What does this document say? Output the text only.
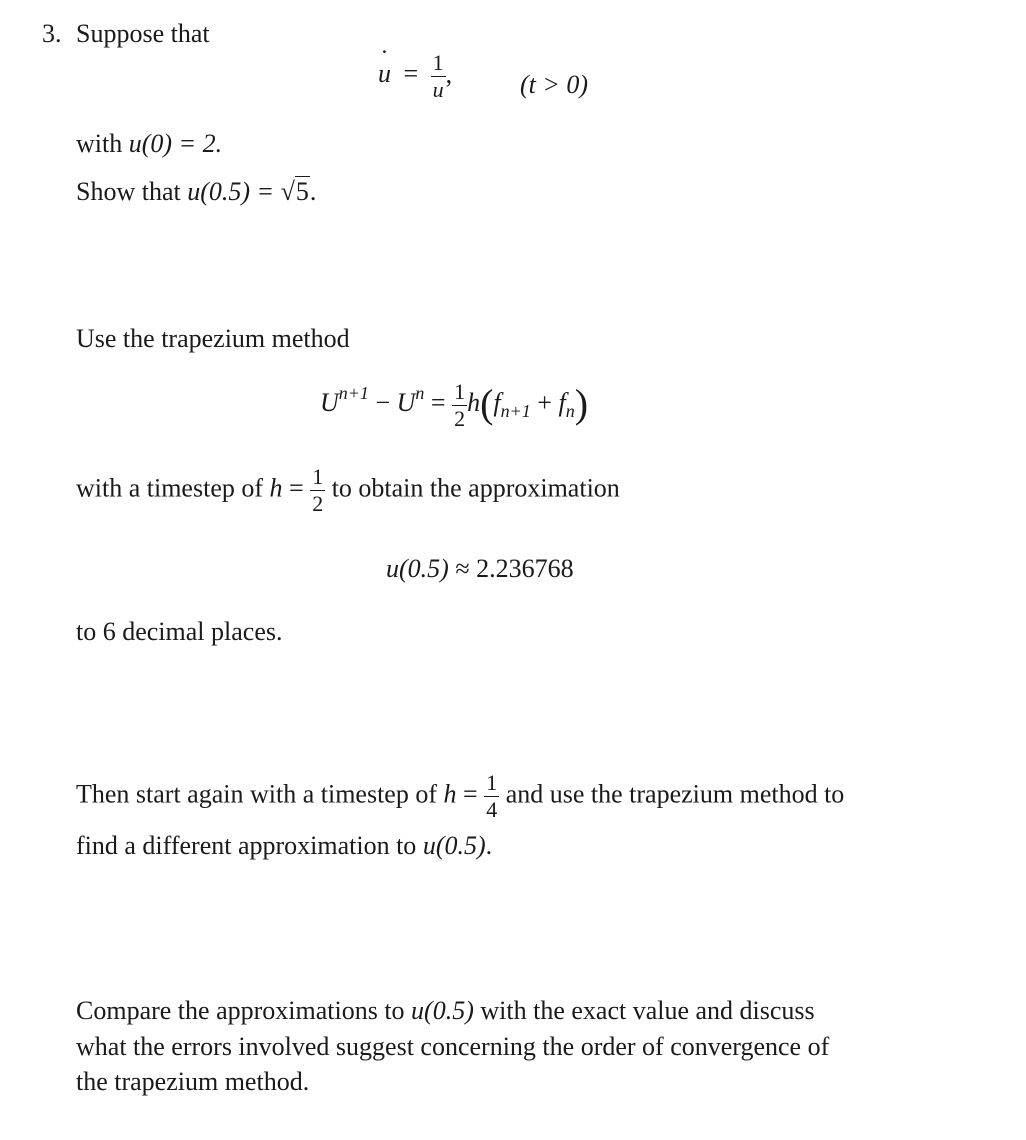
3. Suppose that
˙ $u = \frac{1}{u}$ ,	(t > 0)
with u(0) = 2.
Show that u(0.5) = √5.
Use the trapezium method
$U^{n+1} - U^n = \frac{1}{2} h(f_{n+1} + f_n)$
with a timestep of $h = \frac{1}{2}$ to obtain the approximation
u(0.5) ≈ 2.236768
to 6 decimal places.
Then start again with a timestep of $h = \frac{1}{4}$ and use the trapezium method to
find a different approximation to u(0.5).
Compare the approximations to u(0.5) with the exact value and discuss
what the errors involved suggest concerning the order of convergence of
the trapezium method.
